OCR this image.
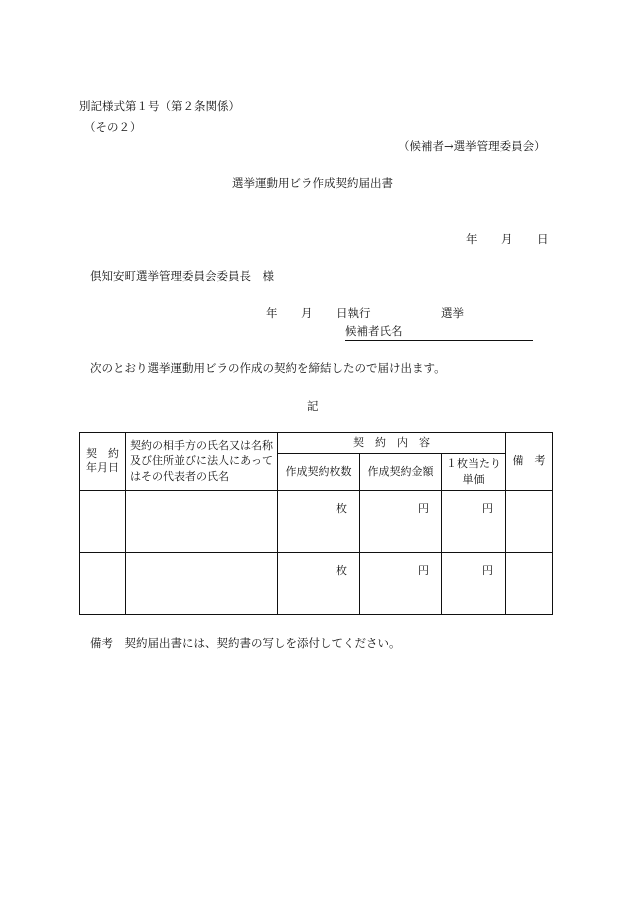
別記様式第１号（第２条関係）
（その２）
（候補者→選挙管理委員会）
選挙運動用ビラ作成契約届出書
年 月 日
倶知安町選挙管理委員会委員長　様
年 月 日執行	選挙
候補者氏名
次のとおり選挙運動用ビラの作成の契約を締結したので届け出ます。
記
契　約
年月日	契約の相手方の氏名又は名称及び住所並びに法人にあってはその代表者の氏名	契　約　内　容			備　考
		作成契約枚数	作成契約金額	１枚当たり単価	
		枚	円	円	
		枚	円	円	
備考　契約届出書には、契約書の写しを添付してください。
